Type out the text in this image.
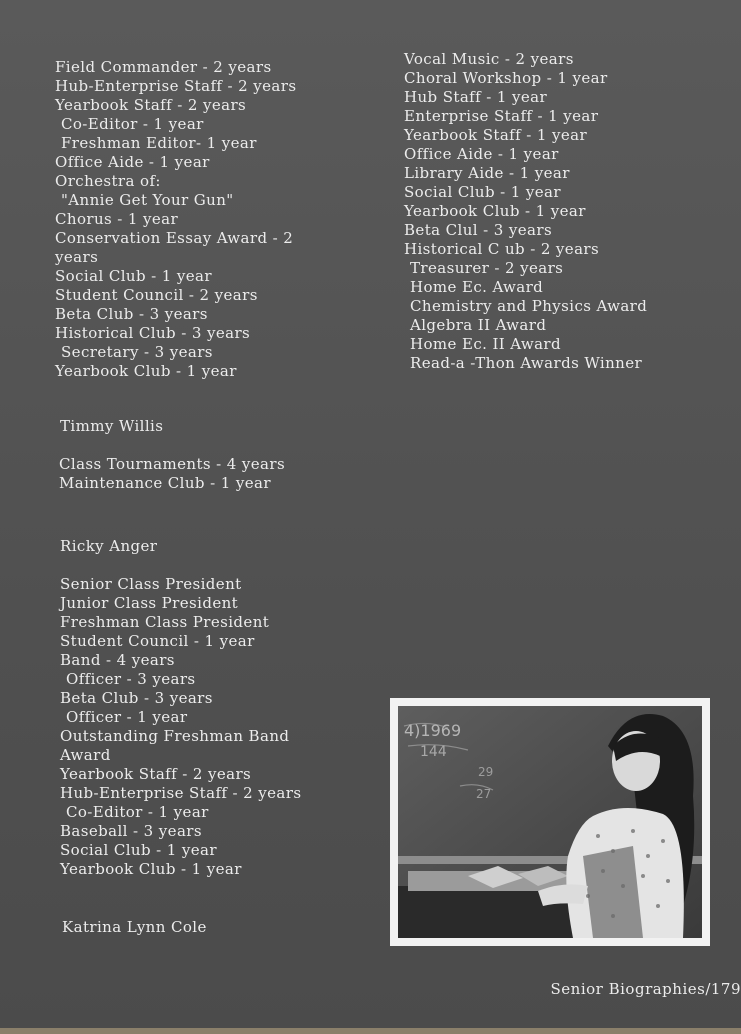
Field Commander - 2 years
Hub-Enterprise Staff - 2 years
Yearbook Staff - 2 years
Co-Editor - 1 year
Freshman Editor- 1 year
Office Aide - 1 year
Orchestra of:
"Annie Get Your Gun"
Chorus - 1 year
Conservation Essay Award - 2
years
Social Club - 1 year
Student Council - 2 years
Beta Club - 3 years
Historical Club - 3 years
Secretary - 3 years
Yearbook Club - 1 year
Vocal Music - 2 years
Choral Workshop - 1 year
Hub Staff - 1 year
Enterprise Staff - 1 year
Yearbook Staff - 1 year
Office Aide - 1 year
Library Aide - 1 year
Social Club - 1 year
Yearbook Club - 1 year
Beta Clul - 3 years
Historical C ub - 2 years
Treasurer - 2 years
Home Ec. Award
Chemistry and Physics Award
Algebra II Award
Home Ec. II Award
Read-a -Thon Awards Winner
Timmy Willis
Class Tournaments - 4 years
Maintenance Club - 1 year
Ricky Anger
Senior Class President
Junior Class President
Freshman Class President
Student Council - 1 year
Band - 4 years
Officer - 3 years
Beta Club - 3 years
Officer - 1 year
Outstanding Freshman Band
Award
Yearbook Staff - 2 years
Hub-Enterprise Staff - 2 years
Co-Editor - 1 year
Baseball - 3 years
Social Club - 1 year
Yearbook Club - 1 year
Katrina Lynn Cole
4)1969
144
29
27
Senior Biographies/179
